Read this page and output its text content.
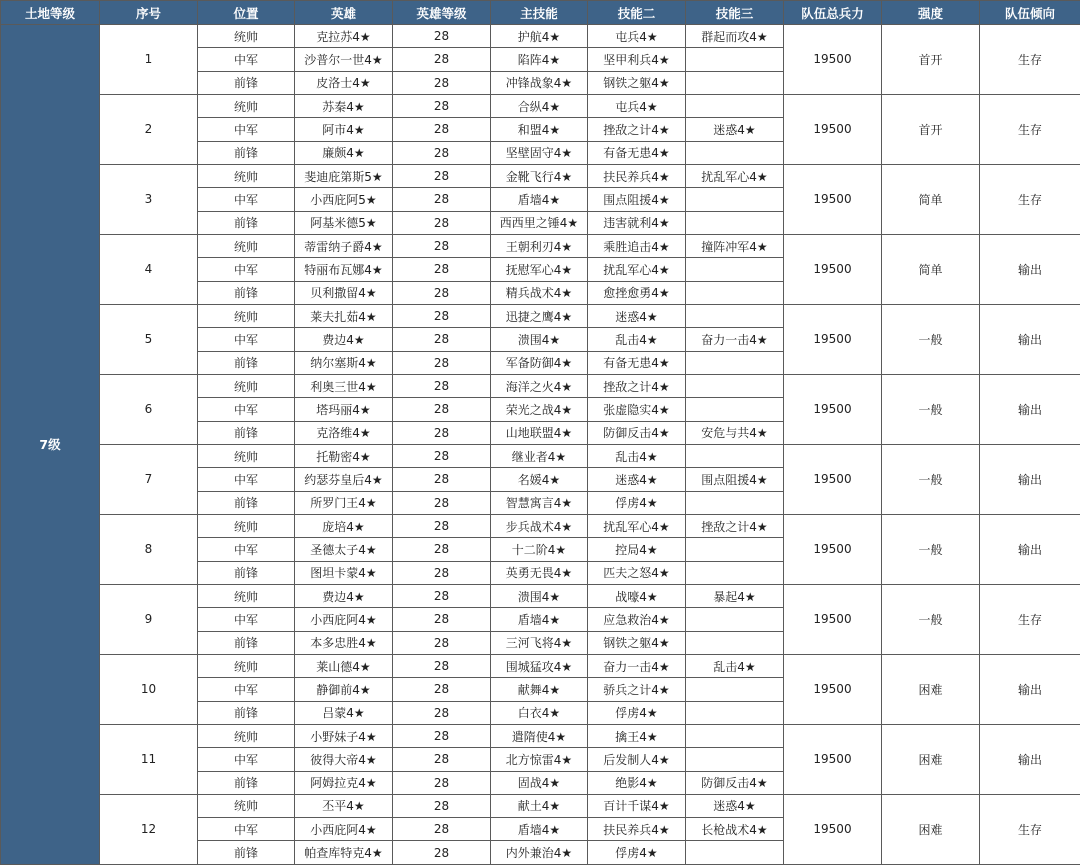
土地等级	序号	位置	英雄	英雄等级	主技能	技能二	技能三	队伍总兵力	强度	队伍倾向
7级	1	统帅	克拉苏4★	28	护航4★	屯兵4★	群起而攻4★	19500	首开	生存
		中军	沙普尔一世4★	28	陷阵4★	坚甲利兵4★				
		前锋	皮洛士4★	28	冲锋战象4★	钢铁之躯4★				
	2	统帅	苏秦4★	28	合纵4★	屯兵4★		19500	首开	生存
		中军	阿市4★	28	和盟4★	挫敌之计4★	迷惑4★			
		前锋	廉颇4★	28	坚壁固守4★	有备无患4★				
	3	统帅	斐迪庇第斯5★	28	金靴飞行4★	扶民养兵4★	扰乱军心4★	19500	简单	生存
		中军	小西庇阿5★	28	盾墙4★	围点阻援4★				
		前锋	阿基米德5★	28	西西里之锤4★	违害就利4★				
	4	统帅	蒂雷纳子爵4★	28	王朝利刃4★	乘胜追击4★	撞阵冲军4★	19500	简单	输出
		中军	特丽布瓦娜4★	28	抚慰军心4★	扰乱军心4★				
		前锋	贝利撒留4★	28	精兵战术4★	愈挫愈勇4★				
	5	统帅	莱夫扎茹4★	28	迅捷之鹰4★	迷惑4★		19500	一般	输出
		中军	费边4★	28	溃围4★	乱击4★	奋力一击4★			
		前锋	纳尔塞斯4★	28	军备防御4★	有备无患4★				
	6	统帅	利奥三世4★	28	海洋之火4★	挫敌之计4★		19500	一般	输出
		中军	塔玛丽4★	28	荣光之战4★	张虚隐实4★				
		前锋	克洛维4★	28	山地联盟4★	防御反击4★	安危与共4★			
	7	统帅	托勒密4★	28	继业者4★	乱击4★		19500	一般	输出
		中军	约瑟芬皇后4★	28	名媛4★	迷惑4★	围点阻援4★			
		前锋	所罗门王4★	28	智慧寓言4★	俘虏4★				
	8	统帅	庞培4★	28	步兵战术4★	扰乱军心4★	挫敌之计4★	19500	一般	输出
		中军	圣德太子4★	28	十二阶4★	控局4★				
		前锋	图坦卡蒙4★	28	英勇无畏4★	匹夫之怒4★				
	9	统帅	费边4★	28	溃围4★	战嚎4★	暴起4★	19500	一般	生存
		中军	小西庇阿4★	28	盾墙4★	应急救治4★				
		前锋	本多忠胜4★	28	三河飞将4★	钢铁之躯4★				
	10	统帅	莱山德4★	28	围城猛攻4★	奋力一击4★	乱击4★	19500	困难	输出
		中军	静御前4★	28	献舞4★	骄兵之计4★				
		前锋	吕蒙4★	28	白衣4★	俘虏4★				
	11	统帅	小野妹子4★	28	遣隋使4★	擒王4★		19500	困难	输出
		中军	彼得大帝4★	28	北方惊雷4★	后发制人4★				
		前锋	阿姆拉克4★	28	固战4★	绝影4★	防御反击4★			
	12	统帅	丕平4★	28	献土4★	百计千谋4★	迷惑4★	19500	困难	生存
		中军	小西庇阿4★	28	盾墙4★	扶民养兵4★	长枪战术4★			
		前锋	帕查库特克4★	28	内外兼治4★	俘虏4★				
